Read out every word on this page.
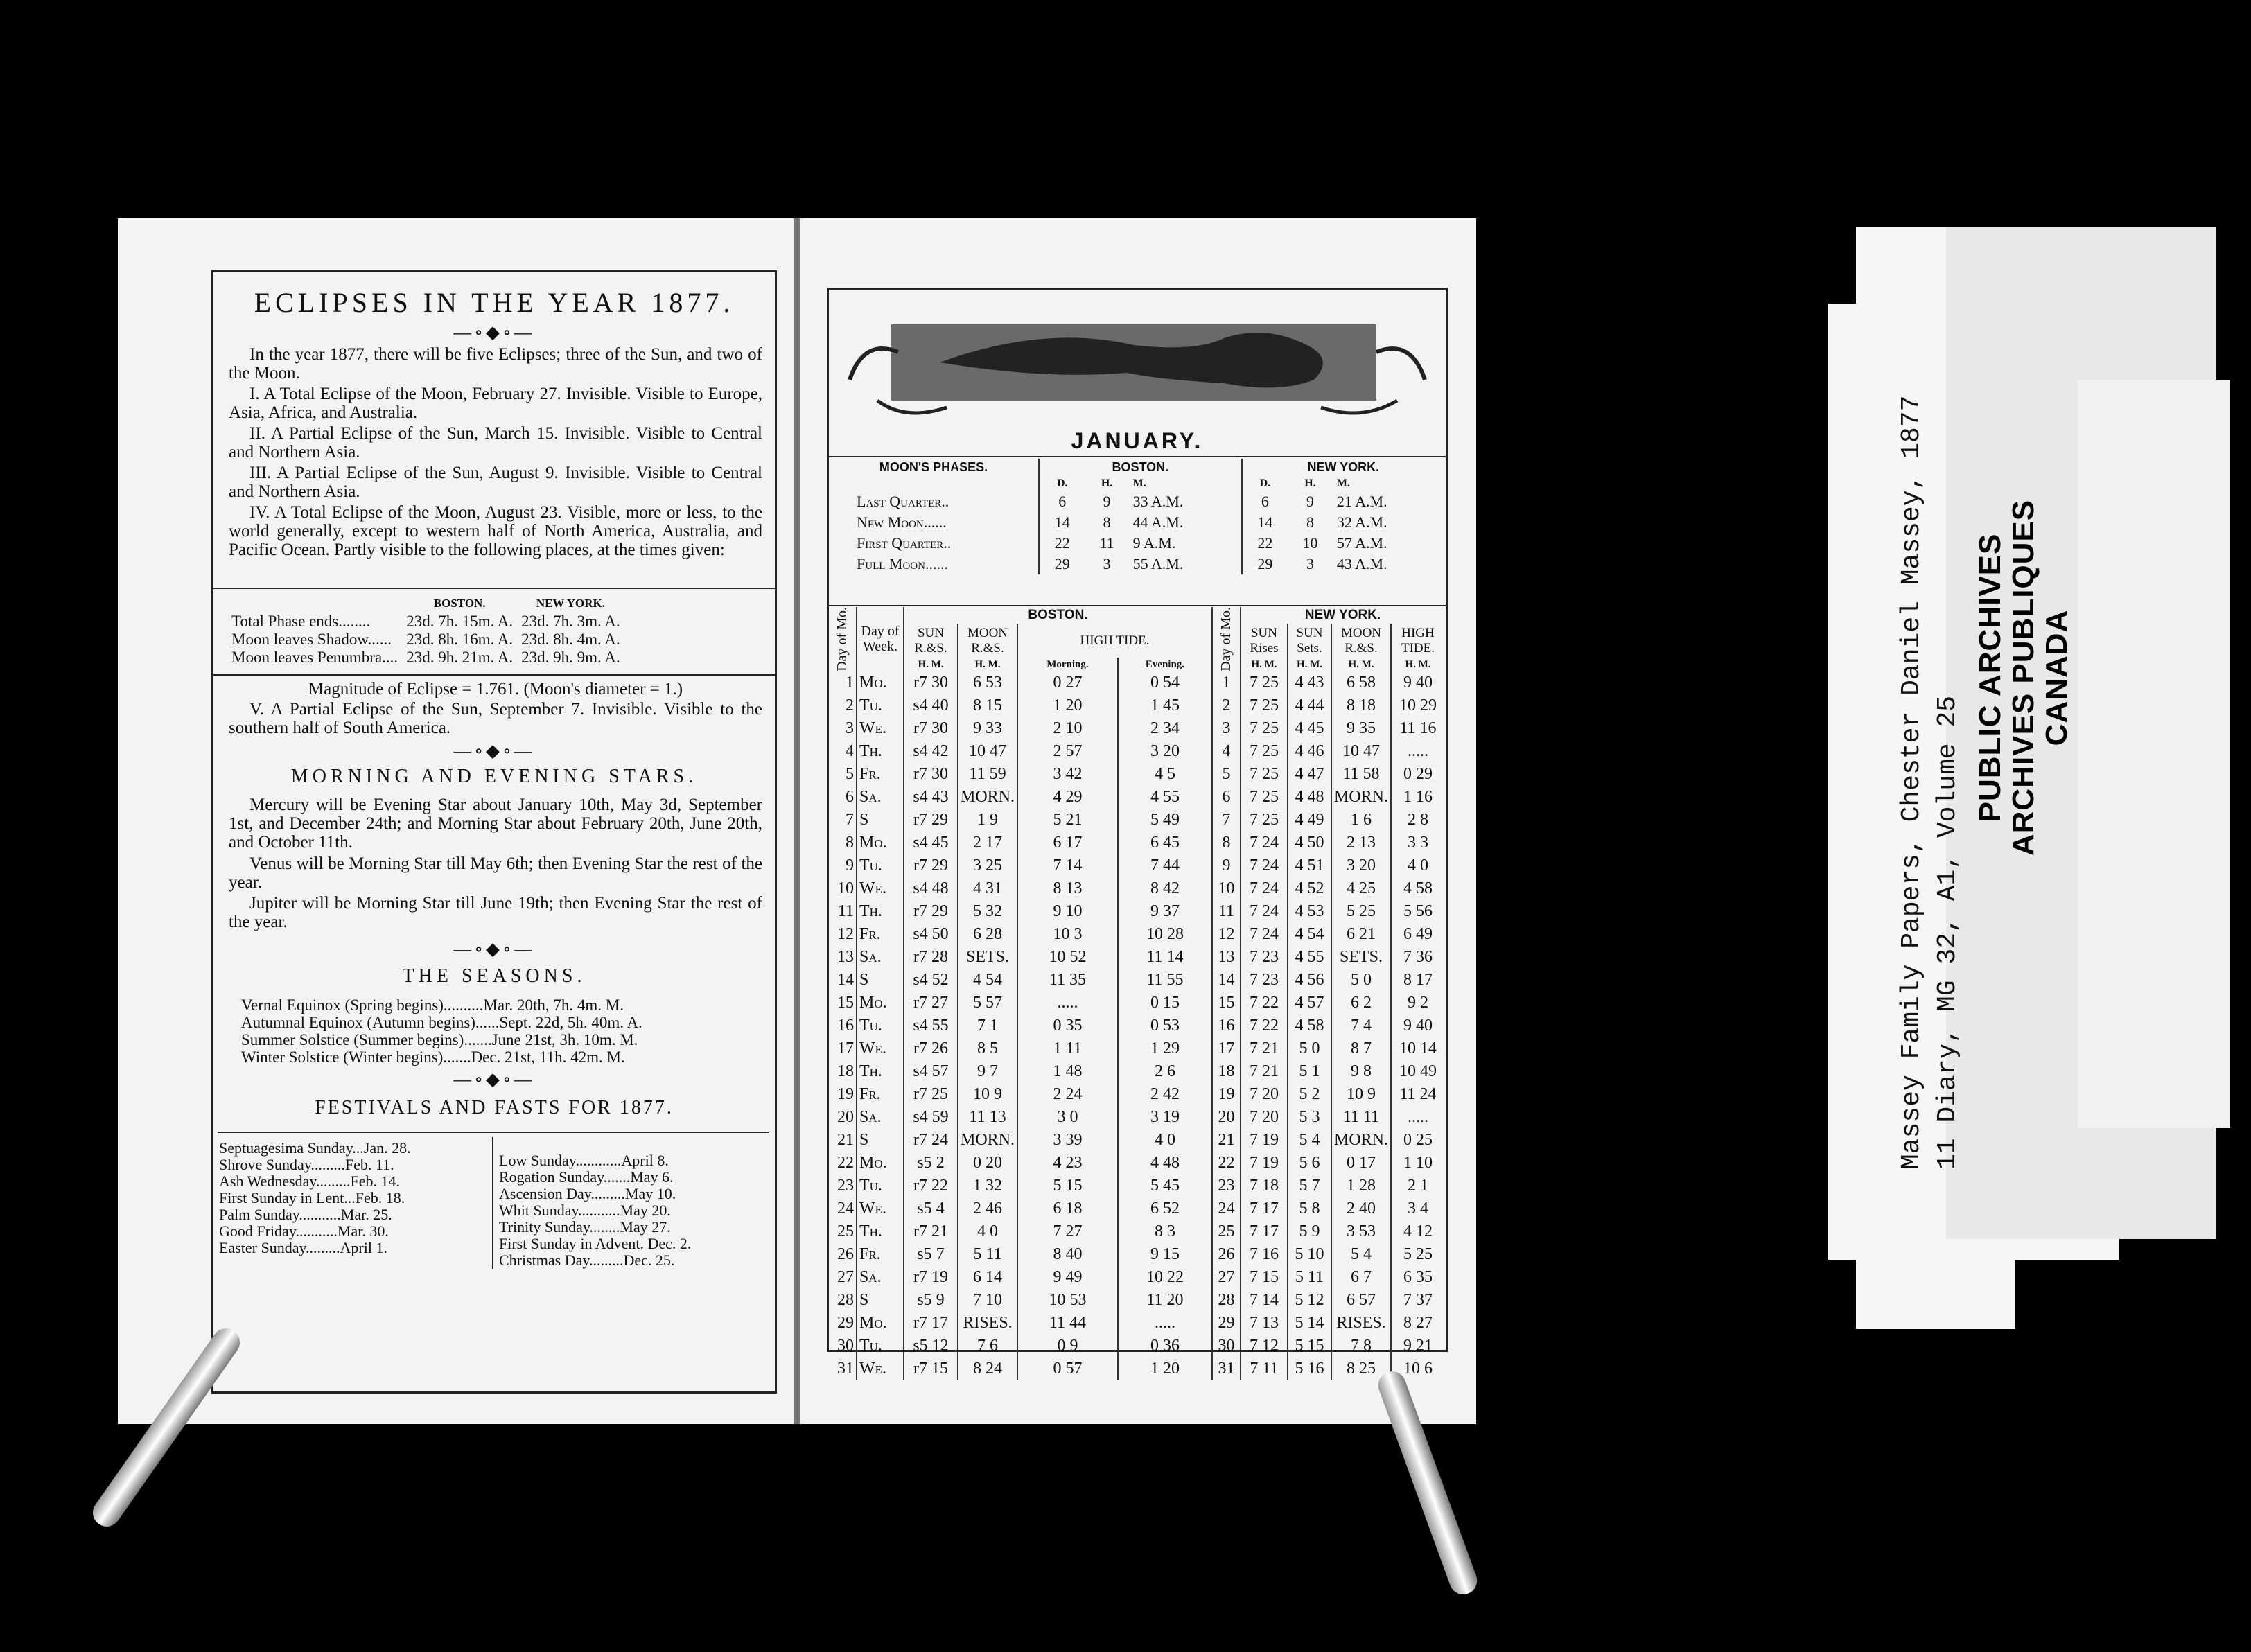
ECLIPSES IN THE YEAR 1877.
—∘◆∘—
In the year 1877, there will be five Eclipses; three of the Sun, and two of the Moon.
I. A Total Eclipse of the Moon, February 27. Invisible. Visible to Europe, Asia, Africa, and Australia.
II. A Partial Eclipse of the Sun, March 15. Invisible. Visible to Central and Northern Asia.
III. A Partial Eclipse of the Sun, August 9. Invisible. Visible to Central and Northern Asia.
IV. A Total Eclipse of the Moon, August 23. Visible, more or less, to the world generally, except to western half of North America, Australia, and Pacific Ocean. Partly visible to the following places, at the times given:
	BOSTON.	NEW YORK.
Total Phase ends........	23d. 7h. 15m. A.	23d. 7h. 3m. A.
Moon leaves Shadow......	23d. 8h. 16m. A.	23d. 8h. 4m. A.
Moon leaves Penumbra....	23d. 9h. 21m. A.	23d. 9h. 9m. A.
Magnitude of Eclipse = 1.761. (Moon's diameter = 1.)
V. A Partial Eclipse of the Sun, September 7. Invisible. Visible to the southern half of South America.
—∘◆∘—
MORNING AND EVENING STARS.
Mercury will be Evening Star about January 10th, May 3d, September 1st, and December 24th; and Morning Star about February 20th, June 20th, and October 11th.
Venus will be Morning Star till May 6th; then Evening Star the rest of the year.
Jupiter will be Morning Star till June 19th; then Evening Star the rest of the year.
—∘◆∘—
THE SEASONS.
Vernal Equinox (Spring begins)..........Mar. 20th, 7h. 4m. M.
Autumnal Equinox (Autumn begins)......Sept. 22d, 5h. 40m. A.
Summer Solstice (Summer begins).......June 21st, 3h. 10m. M.
Winter Solstice (Winter begins).......Dec. 21st, 11h. 42m. M.
—∘◆∘—
FESTIVALS AND FASTS FOR 1877.
Septuagesima Sunday...Jan. 28.
Shrove Sunday.........Feb. 11.
Ash Wednesday.........Feb. 14.
First Sunday in Lent...Feb. 18.
Palm Sunday...........Mar. 25.
Good Friday...........Mar. 30.
Easter Sunday.........April 1.
Low Sunday............April 8.
Rogation Sunday.......May 6.
Ascension Day.........May 10.
Whit Sunday...........May 20.
Trinity Sunday........May 27.
First Sunday in Advent. Dec. 2.
Christmas Day.........Dec. 25.
JANUARY.
MOON'S PHASES.	BOSTON.			NEW YORK.		
	D.	H.	M.	D.	H.	M.
Last Quarter..	6	9	33 A.M.	6	9	21 A.M.
New Moon......	14	8	44 A.M.	14	8	32 A.M.
First Quarter..	22	11	9 A.M.	22	10	57 A.M.
Full Moon......	29	3	55 A.M.	29	3	43 A.M.
Day of Mo.	Day of Week.	BOSTON.				Day of Mo.	NEW YORK.			
		SUN R.&S.	MOON R.&S.	HIGH TIDE.			SUN Rises	SUN Sets.	MOON R.&S.	HIGH TIDE.
		H. M.	H. M.	Morning.	Evening.		H. M.	H. M.	H. M.	H. M.
1	Mo.	r7 30	6 53	0 27	0 54	1	7 25	4 43	6 58	9 40
2	Tu.	s4 40	8 15	1 20	1 45	2	7 25	4 44	8 18	10 29
3	We.	r7 30	9 33	2 10	2 34	3	7 25	4 45	9 35	11 16
4	Th.	s4 42	10 47	2 57	3 20	4	7 25	4 46	10 47	.....
5	Fr.	r7 30	11 59	3 42	4 5	5	7 25	4 47	11 58	0 29
6	Sa.	s4 43	MORN.	4 29	4 55	6	7 25	4 48	MORN.	1 16
7	S	r7 29	1 9	5 21	5 49	7	7 25	4 49	1 6	2 8
8	Mo.	s4 45	2 17	6 17	6 45	8	7 24	4 50	2 13	3 3
9	Tu.	r7 29	3 25	7 14	7 44	9	7 24	4 51	3 20	4 0
10	We.	s4 48	4 31	8 13	8 42	10	7 24	4 52	4 25	4 58
11	Th.	r7 29	5 32	9 10	9 37	11	7 24	4 53	5 25	5 56
12	Fr.	s4 50	6 28	10 3	10 28	12	7 24	4 54	6 21	6 49
13	Sa.	r7 28	SETS.	10 52	11 14	13	7 23	4 55	SETS.	7 36
14	S	s4 52	4 54	11 35	11 55	14	7 23	4 56	5 0	8 17
15	Mo.	r7 27	5 57	.....	0 15	15	7 22	4 57	6 2	9 2
16	Tu.	s4 55	7 1	0 35	0 53	16	7 22	4 58	7 4	9 40
17	We.	r7 26	8 5	1 11	1 29	17	7 21	5 0	8 7	10 14
18	Th.	s4 57	9 7	1 48	2 6	18	7 21	5 1	9 8	10 49
19	Fr.	r7 25	10 9	2 24	2 42	19	7 20	5 2	10 9	11 24
20	Sa.	s4 59	11 13	3 0	3 19	20	7 20	5 3	11 11	.....
21	S	r7 24	MORN.	3 39	4 0	21	7 19	5 4	MORN.	0 25
22	Mo.	s5 2	0 20	4 23	4 48	22	7 19	5 6	0 17	1 10
23	Tu.	r7 22	1 32	5 15	5 45	23	7 18	5 7	1 28	2 1
24	We.	s5 4	2 46	6 18	6 52	24	7 17	5 8	2 40	3 4
25	Th.	r7 21	4 0	7 27	8 3	25	7 17	5 9	3 53	4 12
26	Fr.	s5 7	5 11	8 40	9 15	26	7 16	5 10	5 4	5 25
27	Sa.	r7 19	6 14	9 49	10 22	27	7 15	5 11	6 7	6 35
28	S	s5 9	7 10	10 53	11 20	28	7 14	5 12	6 57	7 37
29	Mo.	r7 17	RISES.	11 44	.....	29	7 13	5 14	RISES.	8 27
30	Tu.	s5 12	7 6	0 9	0 36	30	7 12	5 15	7 8	9 21
31	We.	r7 15	8 24	0 57	1 20	31	7 11	5 16	8 25	10 6
Massey Family Papers, Chester Daniel Massey, 1877 11 Diary, MG 32, A1, Volume 25
PUBLIC ARCHIVES ARCHIVES PUBLIQUES CANADA
